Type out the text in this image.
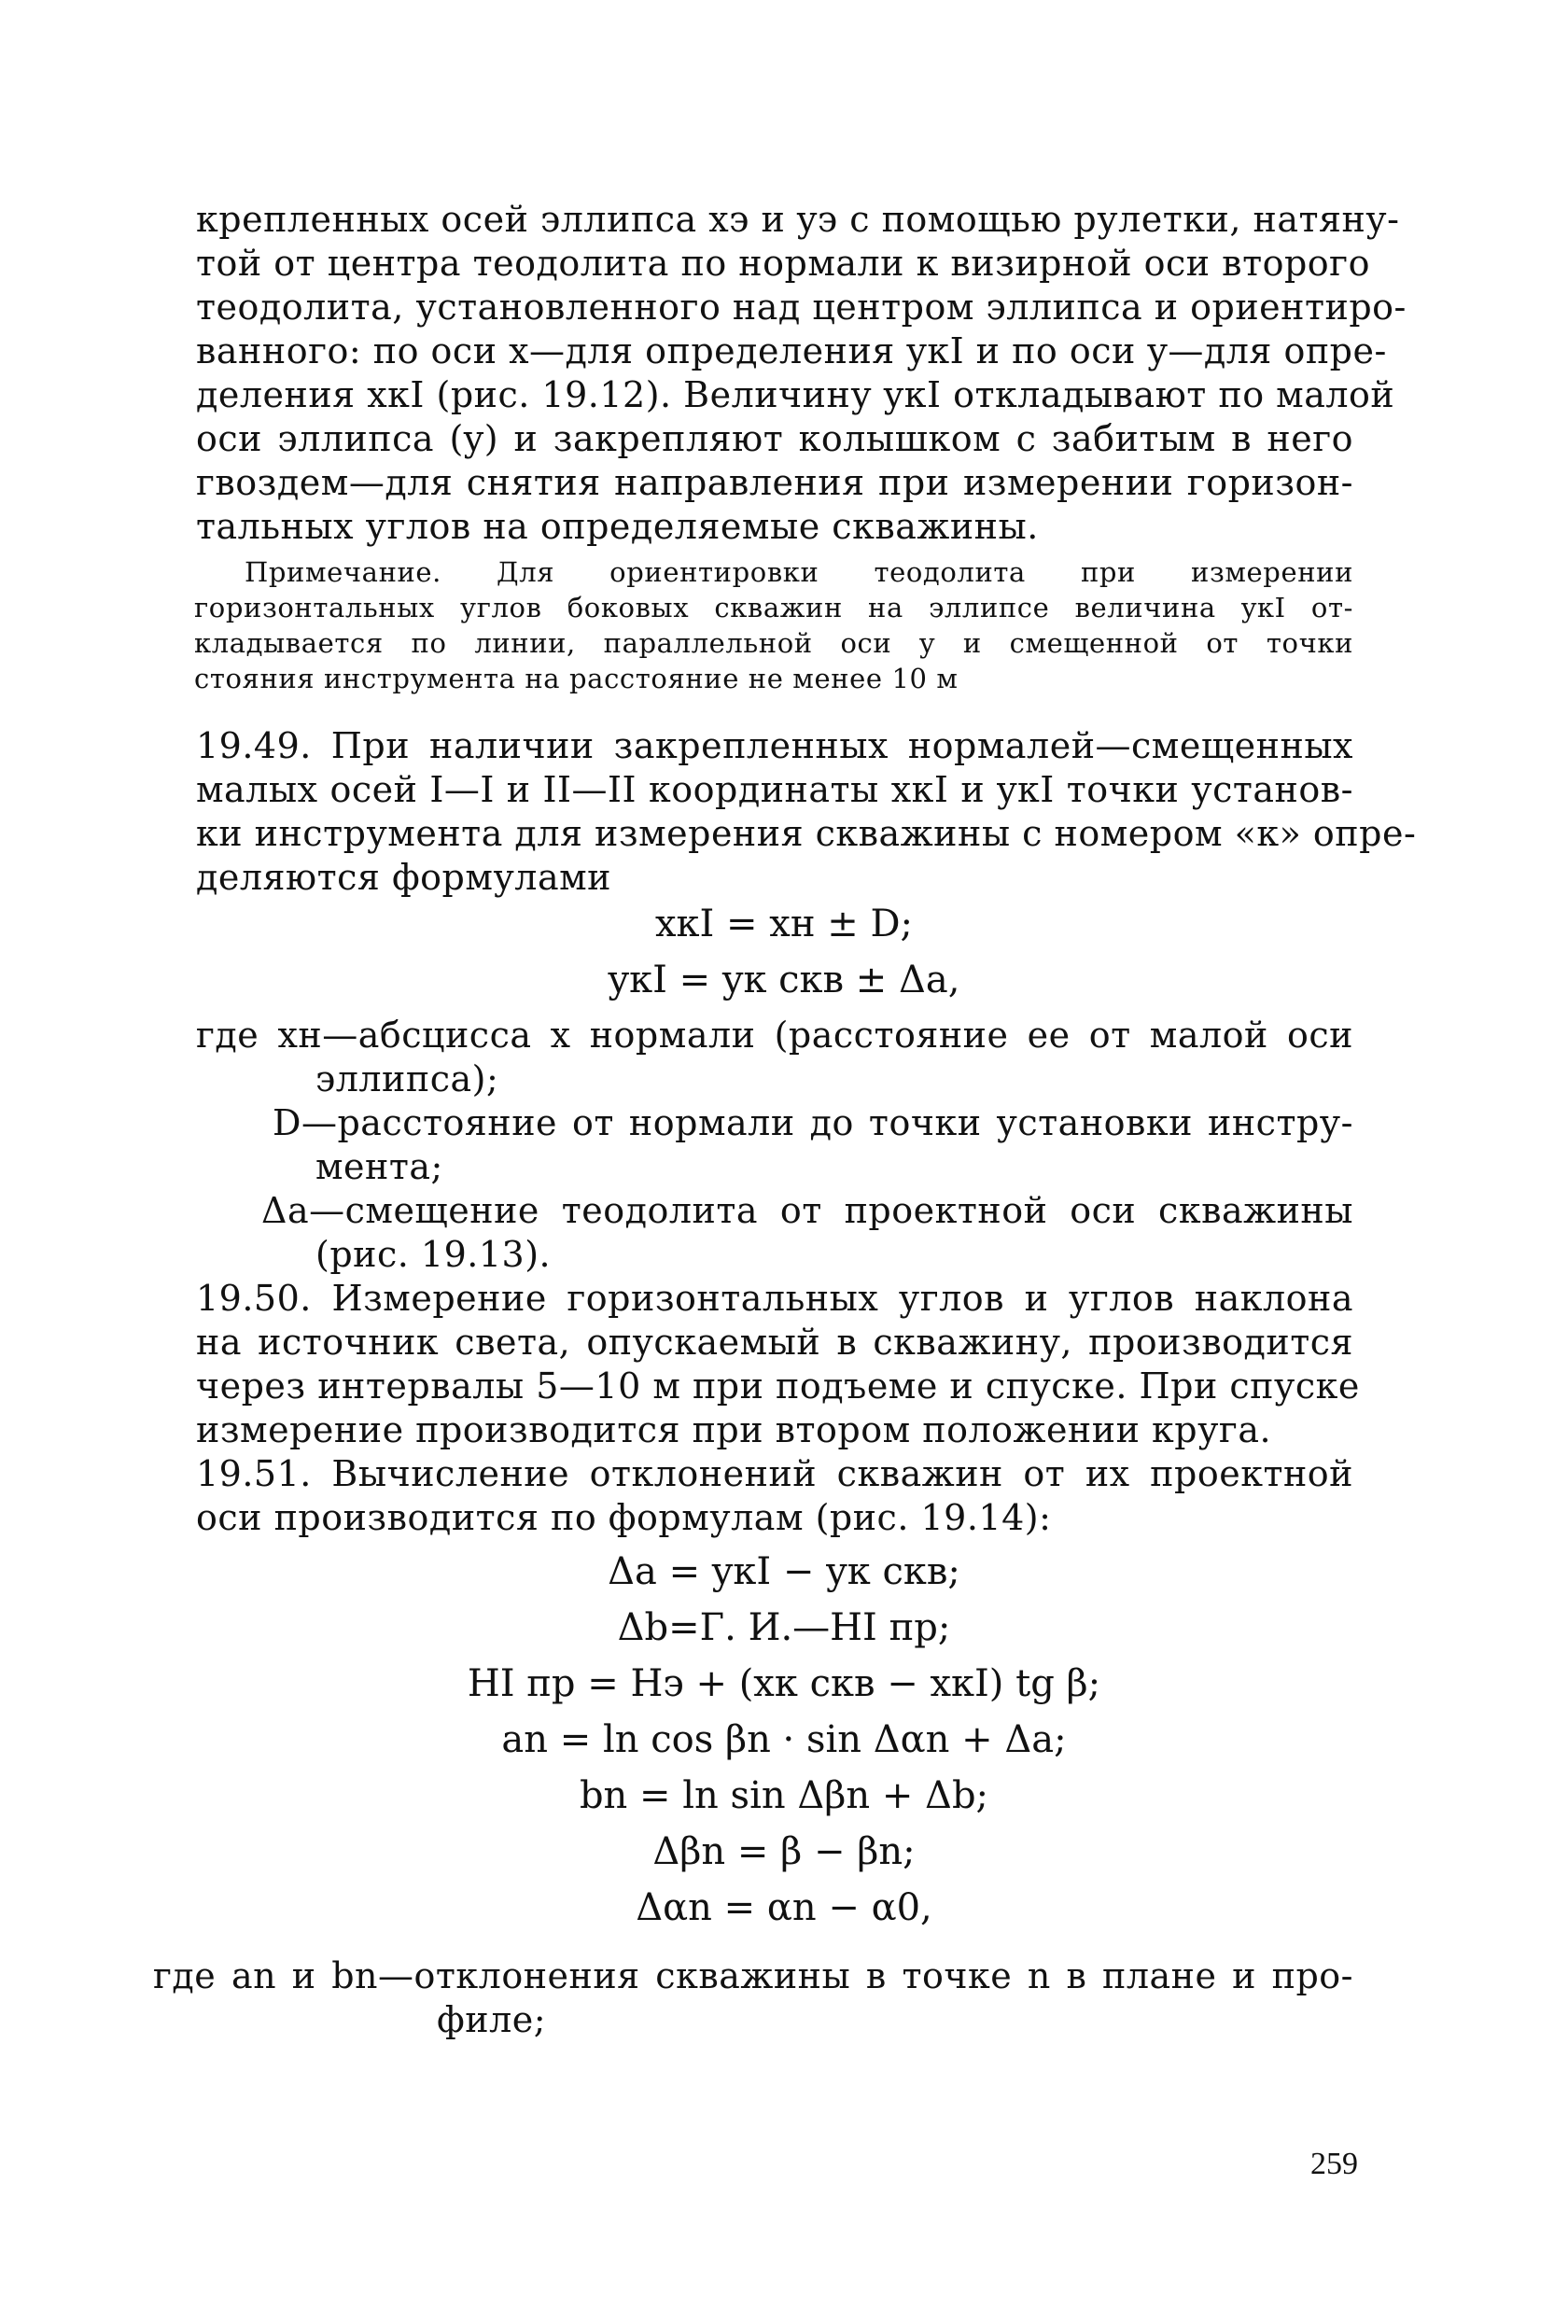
крепленных осей эллипса xэ и yэ с помощью рулетки, натяну-
той от центра теодолита по нормали к визирной оси второго
теодолита, установленного над центром эллипса и ориентиро-
ванного: по оси x—для определения yкI и по оси y—для опре-
деления xкI (рис. 19.12). Величину yкI откладывают по малой
оси эллипса (y) и закрепляют колышком с забитым в него
гвоздем—для снятия направления при измерении горизон-
тальных углов на определяемые скважины.
Примечание. Для ориентировки теодолита при измерении
горизонтальных углов боковых скважин на эллипсе величина yкI от-
кладывается по линии, параллельной оси y и смещенной от точки
стояния инструмента на расстояние не менее 10 м
19.49. При наличии закрепленных нормалей—смещенных
малых осей I—I и II—II координаты xкI и yкI точки установ-
ки инструмента для измерения скважины с номером «к» опре-
деляются формулами
xкI = xн ± D;
yкI = yк скв ± Δa,
где xн—абсцисса x нормали (расстояние ее от малой оси
эллипса);
D—расстояние от нормали до точки установки инстру-
мента;
Δa—смещение теодолита от проектной оси скважины
(рис. 19.13).
19.50. Измерение горизонтальных углов и углов наклона
на источник света, опускаемый в скважину, производится
через интервалы 5—10 м при подъеме и спуске. При спуске
измерение производится при втором положении круга.
19.51. Вычисление отклонений скважин от их проектной
оси производится по формулам (рис. 19.14):
Δa = yкI − yк скв;
Δb=Г. И.—HI пр;
HI пр = Hэ + (xк скв − xкI) tg β;
an = ln cos βn · sin Δαn + Δa;
bn = ln sin Δβn + Δb;
Δβn = β − βn;
Δαn = αn − α0,
где an и bn—отклонения скважины в точке n в плане и про-
филе;
259
